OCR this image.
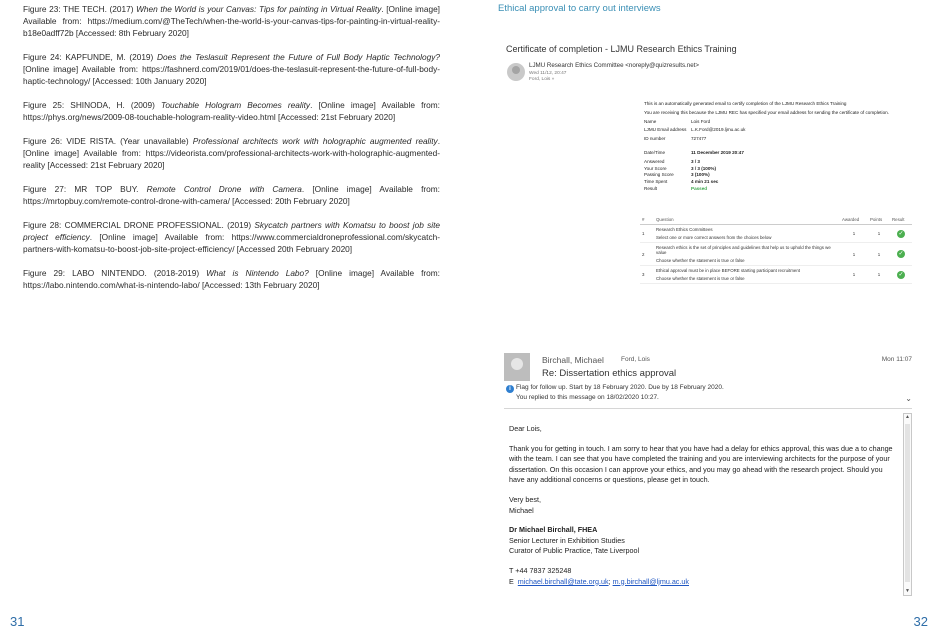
Figure 23: THE TECH. (2017) When the World is your Canvas: Tips for painting in Virtual Reality. [Online image] Available from: https://medium.com/@TheTech/when-the-world-is-your-canvas-tips-for-painting-in-virtual-reality-b18e0adff72b [Accessed: 8th February 2020]

Figure 24: KAPFUNDE, M. (2019) Does the Teslasuit Represent the Future of Full Body Haptic Technology? [Online image] Available from: https://fashnerd.com/2019/01/does-the-teslasuit-represent-the-future-of-full-body-haptic-technology/ [Accessed: 10th January 2020]

Figure 25: SHINODA, H. (2009) Touchable Hologram Becomes reality. [Online image] Available from: https://phys.org/news/2009-08-touchable-hologram-reality-video.html [Accessed: 21st February 2020]

Figure 26: VIDE RISTA. (Year unavailable) Professional architects work with holographic augmented reality. [Online image] Available from: https://videorista.com/professional-architects-work-with-holographic-augmented-reality [Accessed: 21st February 2020]

Figure 27: MR TOP BUY. Remote Control Drone with Camera. [Online image] Available from: https://mrtopbuy.com/remote-control-drone-with-camera/ [Accessed: 20th February 2020]

Figure 28: COMMERCIAL DRONE PROFESSIONAL. (2019) Skycatch partners with Komatsu to boost job site project efficiency. [Online image] Available from: https://www.commercialdroneprofessional.com/skycatch-partners-with-komatsu-to-boost-job-site-project-efficiency/ [Accessed 20th February 2020]

Figure 29: LABO NINTENDO. (2018-2019) What is Nintendo Labo? [Online image] Available from: https://labo.nintendo.com/what-is-nintendo-labo/ [Accessed: 13th February 2020]

31
Ethical approval to carry out interviews
Certificate of completion - LJMU Research Ethics Training
LJMU Research Ethics Committee <noreply@quizresults.net>
Wed 11/12, 20:47
Ford, Lois »

This is an automatically generated email to certify completion of the LJMU Research Ethics Training

You are receiving this because the LJMU REC has specified your email address for sending the certificate of completion.

Name	Lois Ford
LJMU Email address	L.K.Ford@2019.ljmu.ac.uk
ID number	727477
Date/Time	11 December 2019 20:47
Answered	3 / 3
Your Score	3 / 3 (100%)
Passing Score	3 (100%)
Time Spent	4 min 21 sec
Result	Passed
#	Question	Awarded	Points	Result
1	Research Ethics Committees
Select one or more correct answers from the choices below	1	1	✓
2	Research ethics is the set of principles and guidelines that help us to uphold the things we value
Choose whether the statement is true or false	1	1	✓
3	Ethical approval must be in place BEFORE starting participant recruitment
Choose whether the statement is true or false	1	1	✓
Birchall, Michael	Ford, Lois	Mon 11:07
Re: Dissertation ethics approval
i Flag for follow up. Start by 18 February 2020. Due by 18 February 2020.
You replied to this message on 18/02/2020 10:27.	⌄

Dear Lois,

Thank you for getting in touch. I am sorry to hear that you have had a delay for ethics approval, this was due a to change with the team. I can see that you have completed the training and you are interviewing architects for the purpose of your dissertation. On this occasion I can approve your ethics, and you may go ahead with the research project. Should you have any additional concerns or questions, please get in touch.

Very best,
Michael

Dr Michael Birchall, FHEA
Senior Lecturer in Exhibition Studies
Curator of Public Practice, Tate Liverpool

T +44 7837 325248
E michael.birchall@tate.org.uk; m.g.birchall@ljmu.ac.uk

▲
▼
32
